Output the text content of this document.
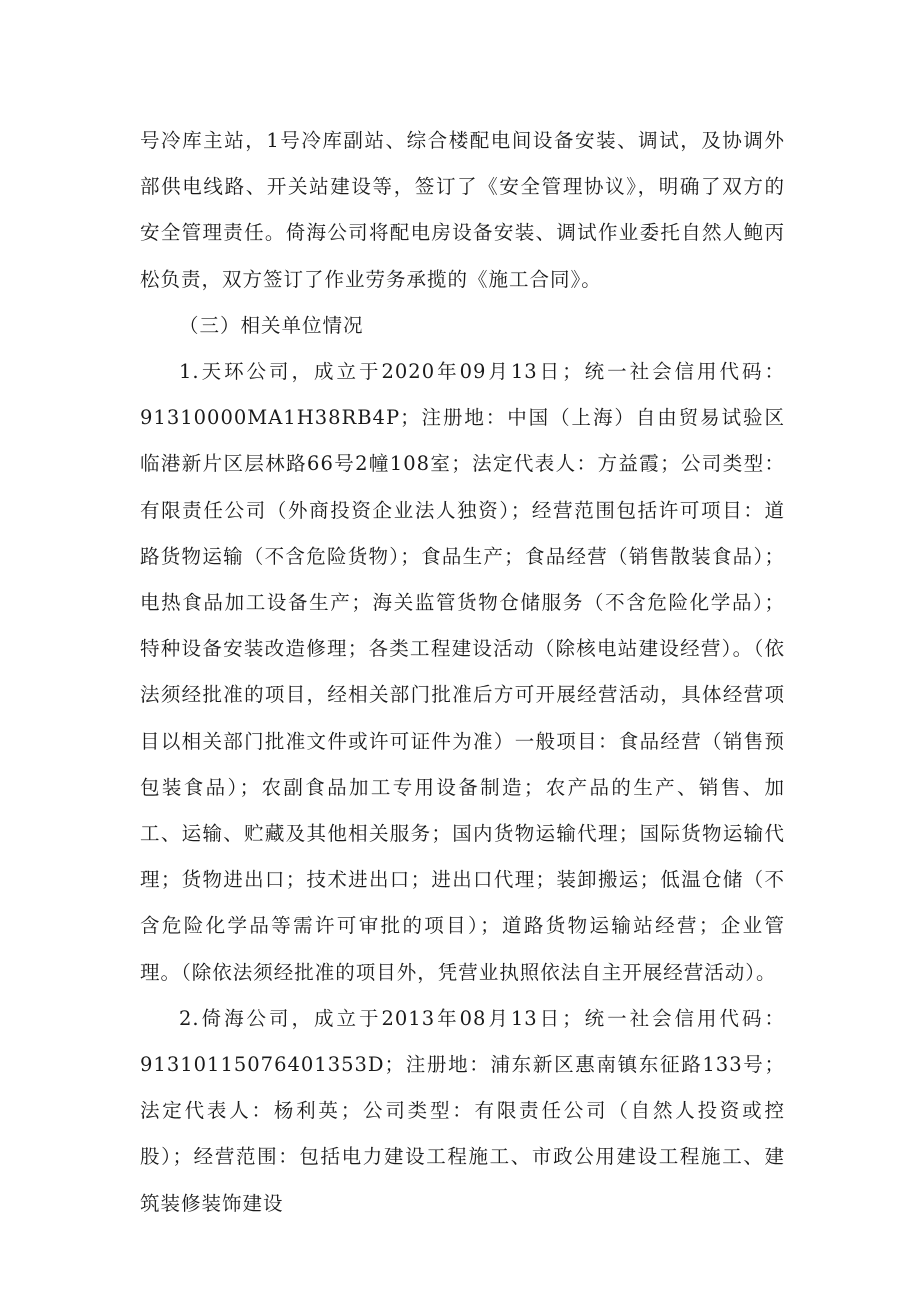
号冷库主站，1号冷库副站、综合楼配电间设备安装、调试，及协调外部供电线路、开关站建设等，签订了《安全管理协议》，明确了双方的安全管理责任。倚海公司将配电房设备安装、调试作业委托自然人鲍丙松负责，双方签订了作业劳务承揽的《施工合同》。

（三）相关单位情况

1.天环公司，成立于2020年09月13日；统一社会信用代码：91310000MA1H38RB4P；注册地：中国（上海）自由贸易试验区临港新片区层林路66号2幢108室；法定代表人：方益霞；公司类型：有限责任公司（外商投资企业法人独资）；经营范围包括许可项目：道路货物运输（不含危险货物）；食品生产；食品经营（销售散装食品）；电热食品加工设备生产；海关监管货物仓储服务（不含危险化学品）；特种设备安装改造修理；各类工程建设活动（除核电站建设经营）。（依法须经批准的项目，经相关部门批准后方可开展经营活动，具体经营项目以相关部门批准文件或许可证件为准）一般项目：食品经营（销售预包装食品）；农副食品加工专用设备制造；农产品的生产、销售、加工、运输、贮藏及其他相关服务；国内货物运输代理；国际货物运输代理；货物进出口；技术进出口；进出口代理；装卸搬运；低温仓储（不含危险化学品等需许可审批的项目）；道路货物运输站经营；企业管理。（除依法须经批准的项目外，凭营业执照依法自主开展经营活动）。

2.倚海公司，成立于2013年08月13日；统一社会信用代码：91310115076401353D；注册地：浦东新区惠南镇东征路133号；法定代表人：杨利英；公司类型：有限责任公司（自然人投资或控股）；经营范围：包括电力建设工程施工、市政公用建设工程施工、建筑装修装饰建设
